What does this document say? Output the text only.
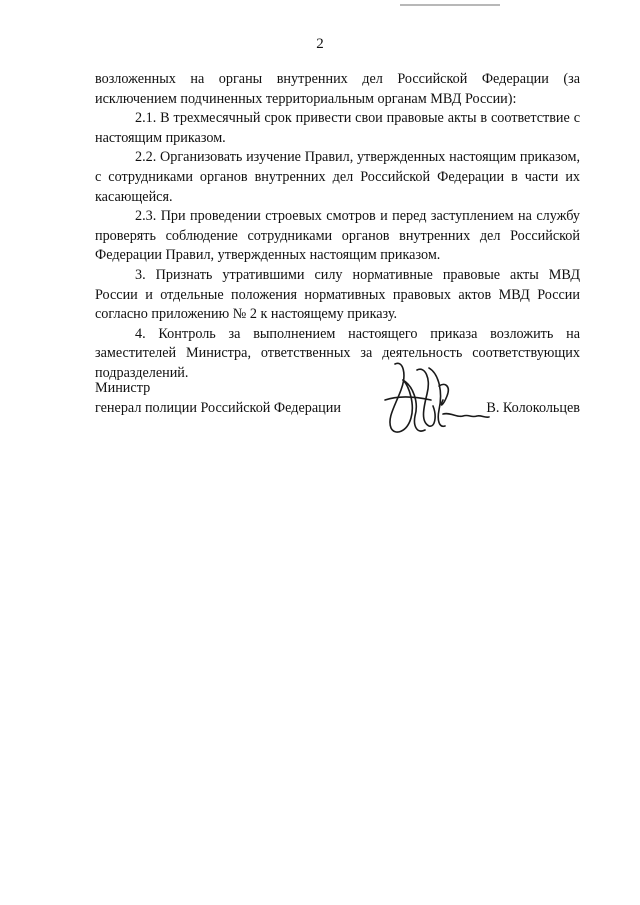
2

возложенных на органы внутренних дел Российской Федерации (за исключением подчиненных территориальным органам МВД России):

2.1. В трехмесячный срок привести свои правовые акты в соответствие с настоящим приказом.

2.2. Организовать изучение Правил, утвержденных настоящим приказом, с сотрудниками органов внутренних дел Российской Федерации в части их касающейся.

2.3. При проведении строевых смотров и перед заступлением на службу проверять соблюдение сотрудниками органов внутренних дел Российской Федерации Правил, утвержденных настоящим приказом.

3. Признать утратившими силу нормативные правовые акты МВД России и отдельные положения нормативных правовых актов МВД России согласно приложению № 2 к настоящему приказу.

4. Контроль за выполнением настоящего приказа возложить на заместителей Министра, ответственных за деятельность соответствующих подразделений.

Министр
генерал полиции Российской Федерации	В. Колокольцев
